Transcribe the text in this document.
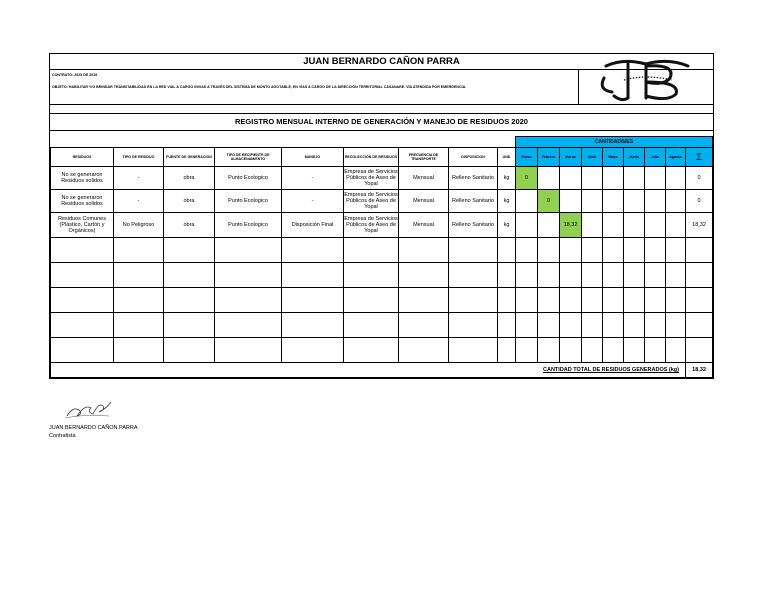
JUAN BERNARDO CAÑON PARRA
CONTRATO: 2025 DE 2019
OBJETO: HABILITAR Y/O BRINDAR TRANSITABILIDAD EN LA RED VIAL A CARGO INVIAS A TRAVÉS DEL SISTEMA DE MONTO AGOTABLE, EN VÍAS A CARGO DE LA DIRECCIÓN TERRITORIAL CASANARE. VÍA ATENDIDA POR EMERGENCIA.
REGISTRO MENSUAL INTERNO DE GENERACIÓN Y MANEJO DE RESIDUOS 2020
									CANTIDAD/MES								
RESIDUOS	TIPO DE RESIDUO	FUENTE DE GENERACION	TIPO DE RECIPIENTE DE ALMACENAMIENTO	MANEJO	RECOLECCIÓN DE RESIDUOS	FRECUENCIA DE TRANSPORTE	DISPOSICION	UND	Enero	Febrero	Marzo	Abril	Mayo	Junio	Julio	Agosto	Σ
No se generaron Residuos solidos	-	obra	Punto Ecologico	-	Empresa de Servicios Públicos de Aseo de Yopal	Mensual	Relleno Sanitario	kg	0								0
No se generaron Residuos solidos	-	obra	Punto Ecologico	-	Empresa de Servicios Públicos de Aseo de Yopal	Mensual	Relleno Sanitario	kg		0							0
Residuos Comunes (Plástico, Cartón y Orgánicos)	No Peligroso	obra	Punto Ecologico	Disposición Final	Empresa de Servicios Públicos de Aseo de Yopal	Mensual	Relleno Sanitario	kg			18,32						18,32

CANTIDAD TOTAL DE RESIDUOS GENERADOS (kg)																	18,32
JUAN BERNARDO CAÑON PARRA
Contratista
